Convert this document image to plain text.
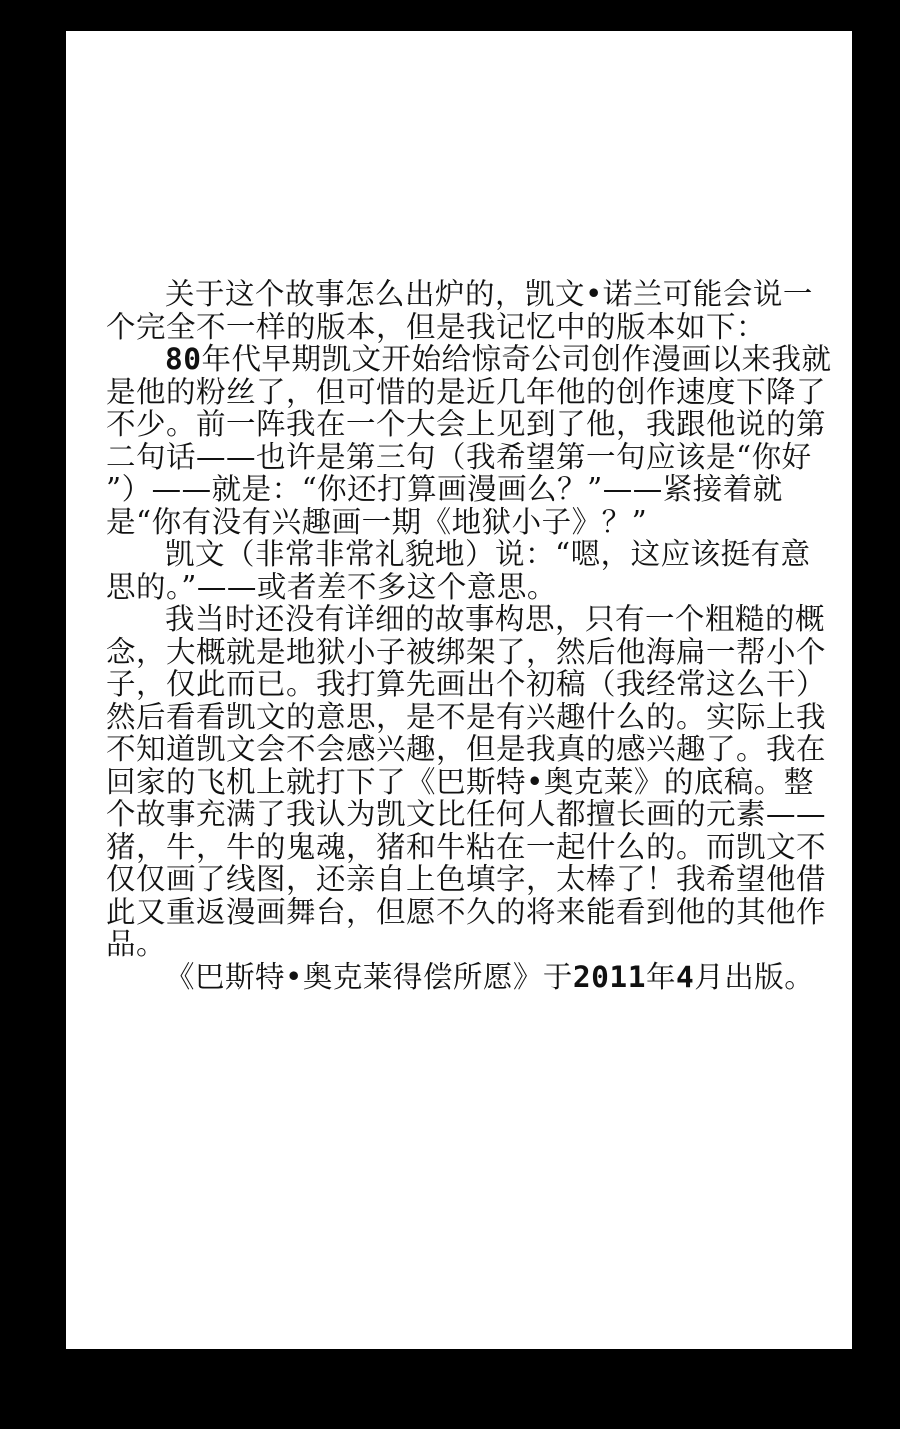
关于这个故事怎么出炉的，凯文•诺兰可能会说一
个完全不一样的版本，但是我记忆中的版本如下：
80年代早期凯文开始给惊奇公司创作漫画以来我就
是他的粉丝了，但可惜的是近几年他的创作速度下降了
不少。前一阵我在一个大会上见到了他，我跟他说的第
二句话——也许是第三句（我希望第一句应该是“你好
”）——就是：“你还打算画漫画么？”——紧接着就
是“你有没有兴趣画一期《地狱小子》？”
凯文（非常非常礼貌地）说：“嗯，这应该挺有意
思的。”——或者差不多这个意思。
我当时还没有详细的故事构思，只有一个粗糙的概
念，大概就是地狱小子被绑架了，然后他海扁一帮小个
子，仅此而已。我打算先画出个初稿（我经常这么干）
然后看看凯文的意思，是不是有兴趣什么的。实际上我
不知道凯文会不会感兴趣，但是我真的感兴趣了。我在
回家的飞机上就打下了《巴斯特•奥克莱》的底稿。整
个故事充满了我认为凯文比任何人都擅长画的元素——
猪，牛，牛的鬼魂，猪和牛粘在一起什么的。而凯文不
仅仅画了线图，还亲自上色填字，太棒了！我希望他借
此又重返漫画舞台，但愿不久的将来能看到他的其他作
品。
《巴斯特•奥克莱得偿所愿》于2011年4月出版。
